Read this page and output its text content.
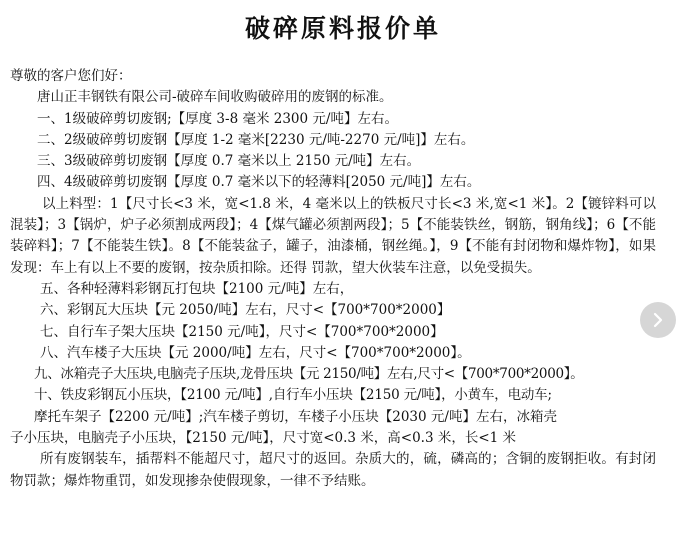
破碎原料报价单
尊敬的客户您们好：
唐山正丰钢铁有限公司-破碎车间收购破碎用的废钢的标准。
一、1级破碎剪切废钢;【厚度 3-8 毫米 2300 元/吨】左右。
二、2级破碎剪切废钢【厚度 1-2 毫米[2230 元/吨-2270 元/吨]】左右。
三、3级破碎剪切废钢【厚度 0.7 毫米以上 2150 元/吨】左右。
四、4级破碎剪切废钢【厚度 0.7 毫米以下的轻薄料[2050 元/吨]】左右。
以上料型：1【尺寸长<3 米，宽<1.8 米，4 毫米以上的铁板尺寸长<3 米,宽<1 米】。2【镀锌料可以混装】；3【锅炉，炉子必须割成两段】；4【煤气罐必须割两段】；5【不能装铁丝，钢筋，钢角线】；6【不能装碎料】；7【不能装生铁】。8【不能装盆子，罐子，油漆桶，钢丝绳。】，9【不能有封闭物和爆炸物】，如果发现：车上有以上不要的废钢，按杂质扣除。还得 罚款，望大伙装车注意，以免受损失。
五、各种轻薄料彩钢瓦打包块【2100 元/吨】左右，
六、彩钢瓦大压块【元 2050/吨】左右，尺寸<【700*700*2000】
七、自行车子架大压块【2150 元/吨】，尺寸<【700*700*2000】
八、汽车楼子大压块【元 2000/吨】左右，尺寸<【700*700*2000】。
九、冰箱壳子大压块,电脑壳子压块,龙骨压块【元 2150/吨】左右,尺寸<【700*700*2000】。
十、铁皮彩钢瓦小压块，【2100 元/吨】,自行车小压块【2150 元/吨】，小黄车，电动车;
摩托车架子【2200 元/吨】;汽车楼子剪切，车楼子小压块【2030 元/吨】左右，冰箱壳
子小压块，电脑壳子小压块，【2150 元/吨】，尺寸宽<0.3 米，高<0.3 米，长<1 米
所有废钢装车，插帮料不能超尺寸，超尺寸的返回。杂质大的，硫，磷高的；含铜的废钢拒收。有封闭物罚款；爆炸物重罚，如发现掺杂使假现象，一律不予结账。
